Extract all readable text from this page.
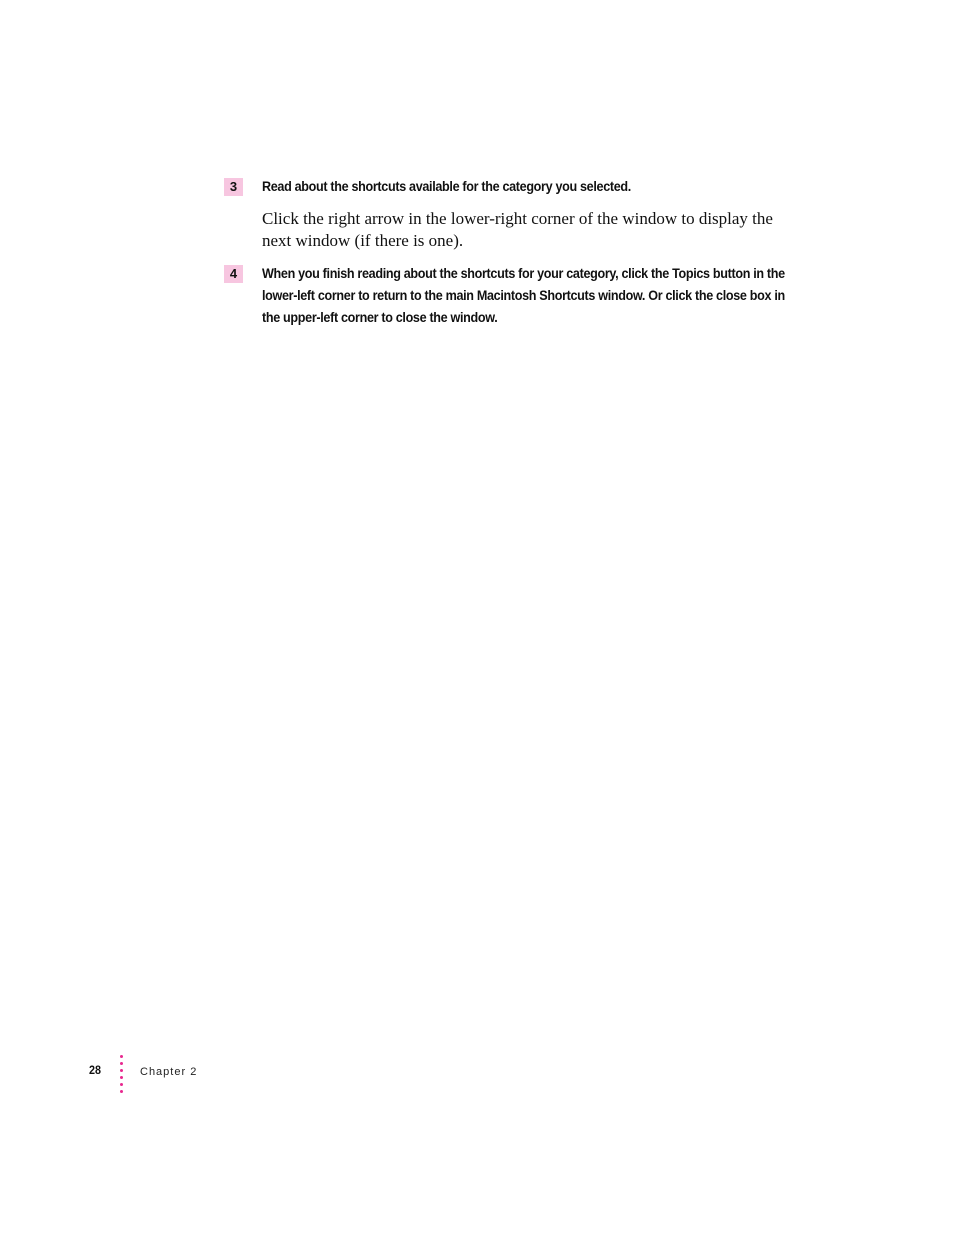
3	Read about the shortcuts available for the category you selected.
Click the right arrow in the lower-right corner of the window to display the next window (if there is one).
4	When you finish reading about the shortcuts for your category, click the Topics button in the lower-left corner to return to the main Macintosh Shortcuts window. Or click the close box in the upper-left corner to close the window.
28	Chapter 2
